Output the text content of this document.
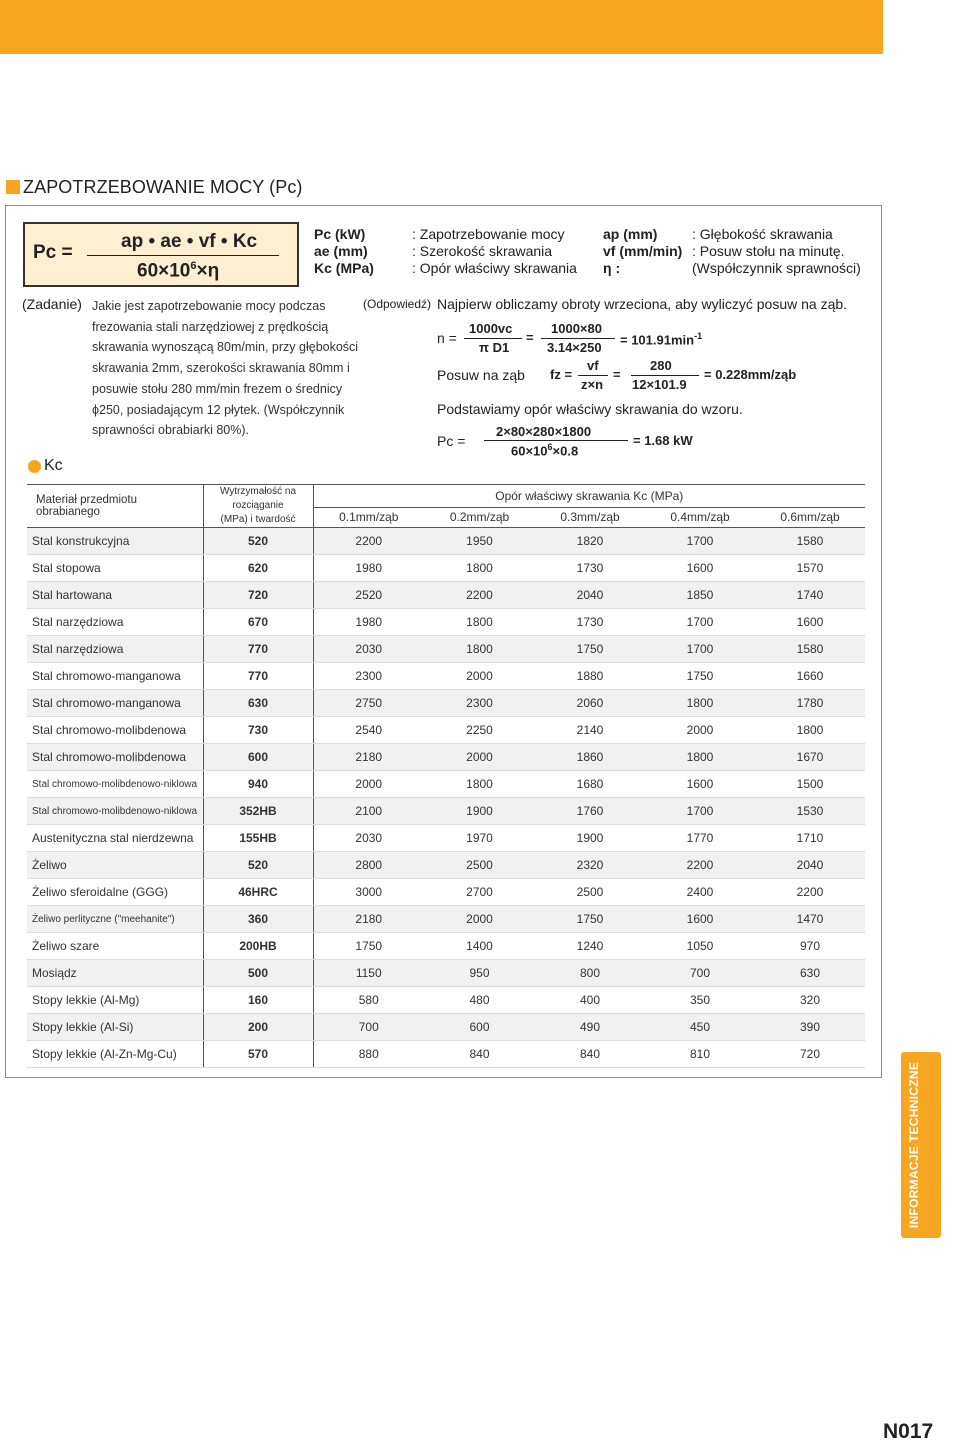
ZAPOTRZEBOWANIE MOCY (Pc)
Pc =
ap • ae • vf • Kc
$60\times 10^6\times\eta$
Pc (kW)
ae (mm)
Kc (MPa)
: Zapotrzebowanie mocy
: Szerokość skrawania
: Opór właściwy skrawania
ap (mm)
vf (mm/min)
η :
: Głębokość skrawania
: Posuw stołu na minutę.
(Współczynnik sprawności)
(Zadanie) Jakie jest zapotrzebowanie mocy podczas
frezowania stali narzędziowej z prędkością
skrawania wynoszącą 80m/min, przy głębokości
skrawania 2mm, szerokości skrawania 80mm i
posuwie stołu 280 mm/min frezem o średnicy
ϕ250, posiadającym 12 płytek. (Współczynnik
sprawności obrabiarki 80%).
(Odpowiedź) Najpierw obliczamy obroty wrzeciona, aby wyliczyć posuw na ząb.
n =
1000vc
π D1
=
1000×80
3.14×250
= $101.91\min^{-1}$
Posuw na ząb fz =
vf
z×n
=
280
12×101.9
= 0.228mm/ząb
Podstawiamy opór właściwy skrawania do wzoru.
Pc =
2×80×280×1800
$60\times 10^6\times 0.8$
= 1.68 kW
Kc
Materiał przedmiotu obrabianego	Wytrzymałość na rozciąganie
(MPa) i twardość	Opór właściwy skrawania Kc (MPa)				
		0.1mm/ząb	0.2mm/ząb	0.3mm/ząb	0.4mm/ząb	0.6mm/ząb
Stal konstrukcyjna	520	2200	1950	1820	1700	1580
Stal stopowa	620	1980	1800	1730	1600	1570
Stal hartowana	720	2520	2200	2040	1850	1740
Stal narzędziowa	670	1980	1800	1730	1700	1600
Stal narzędziowa	770	2030	1800	1750	1700	1580
Stal chromowo-manganowa	770	2300	2000	1880	1750	1660
Stal chromowo-manganowa	630	2750	2300	2060	1800	1780
Stal chromowo-molibdenowa	730	2540	2250	2140	2000	1800
Stal chromowo-molibdenowa	600	2180	2000	1860	1800	1670
Stal chromowo-molibdenowo-niklowa	940	2000	1800	1680	1600	1500
Stal chromowo-molibdenowo-niklowa	352HB	2100	1900	1760	1700	1530
Austenityczna stal nierdzewna	155HB	2030	1970	1900	1770	1710
Żeliwo	520	2800	2500	2320	2200	2040
Żeliwo sferoidalne (GGG)	46HRC	3000	2700	2500	2400	2200
Żeliwo perlityczne ("meehanite")	360	2180	2000	1750	1600	1470
Żeliwo szare	200HB	1750	1400	1240	1050	970
Mosiądz	500	1150	950	800	700	630
Stopy lekkie (Al-Mg)	160	580	480	400	350	320
Stopy lekkie (Al-Si)	200	700	600	490	450	390
Stopy lekkie (Al-Zn-Mg-Cu)	570	880	840	840	810	720
INFORMACJE TECHNICZNE
N017
